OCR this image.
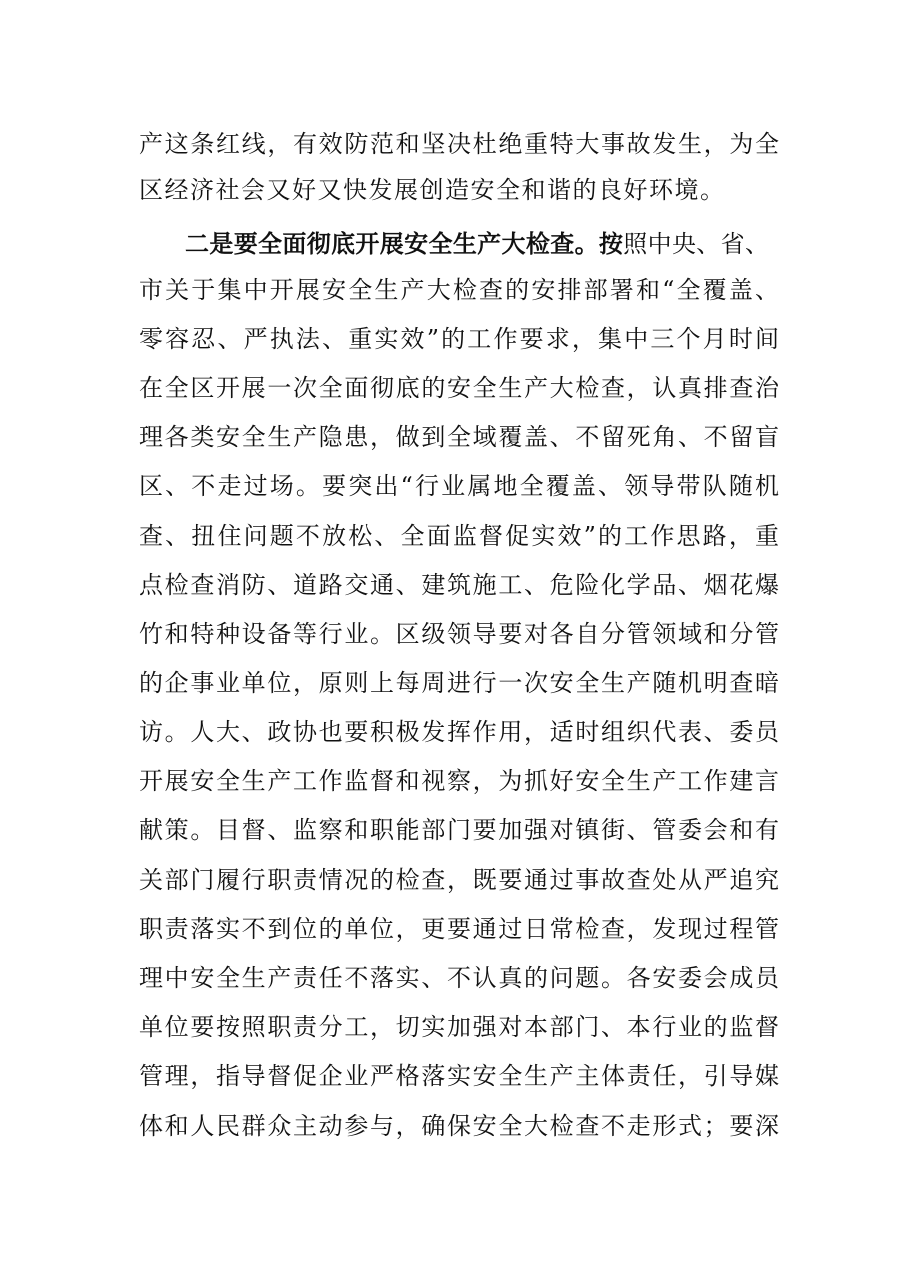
产这条红线，有效防范和坚决杜绝重特大事故发生，为全
区经济社会又好又快发展创造安全和谐的良好环境。
二是要全面彻底开展安全生产大检查。按照中央、省、
市关于集中开展安全生产大检查的安排部署和“全覆盖、
零容忍、严执法、重实效”的工作要求，集中三个月时间
在全区开展一次全面彻底的安全生产大检查，认真排查治
理各类安全生产隐患，做到全域覆盖、不留死角、不留盲
区、不走过场。要突出“行业属地全覆盖、领导带队随机
查、扭住问题不放松、全面监督促实效”的工作思路，重
点检查消防、道路交通、建筑施工、危险化学品、烟花爆
竹和特种设备等行业。区级领导要对各自分管领域和分管
的企事业单位，原则上每周进行一次安全生产随机明查暗
访。人大、政协也要积极发挥作用，适时组织代表、委员
开展安全生产工作监督和视察，为抓好安全生产工作建言
献策。目督、监察和职能部门要加强对镇街、管委会和有
关部门履行职责情况的检查，既要通过事故查处从严追究
职责落实不到位的单位，更要通过日常检查，发现过程管
理中安全生产责任不落实、不认真的问题。各安委会成员
单位要按照职责分工，切实加强对本部门、本行业的监督
管理，指导督促企业严格落实安全生产主体责任，引导媒
体和人民群众主动参与，确保安全大检查不走形式；要深
